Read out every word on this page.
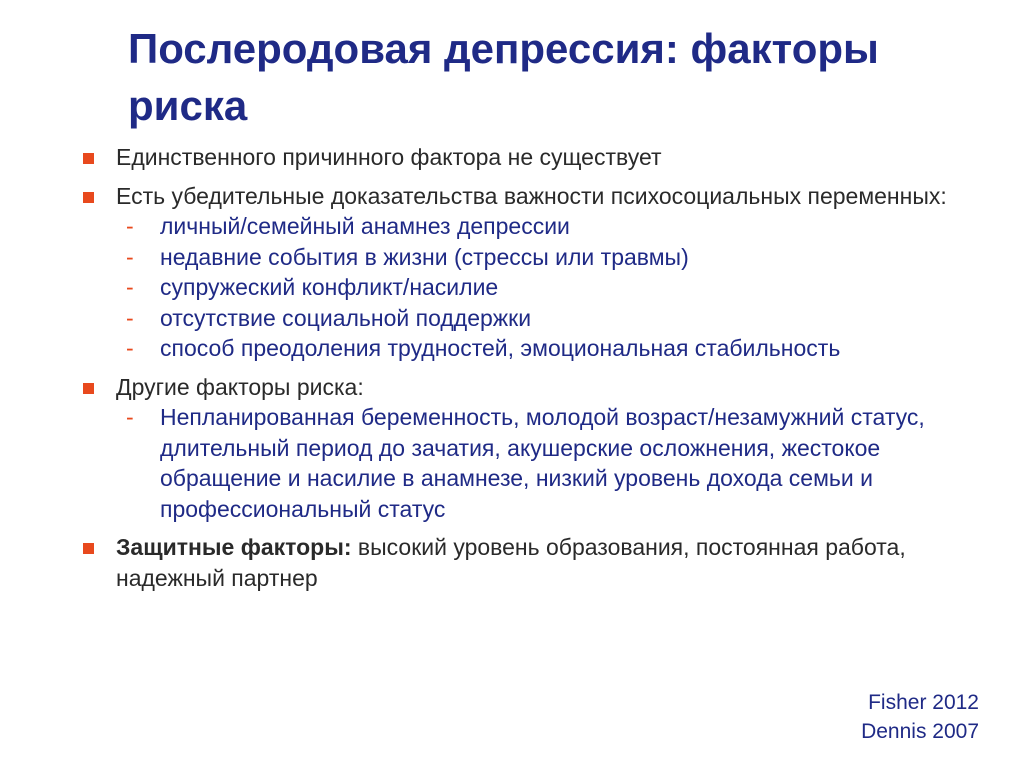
Послеродовая депрессия: факторы риска
Единственного причинного фактора не существует
Есть убедительные доказательства важности психосоциальных переменных:
- личный/семейный анамнез депрессии
- недавние события в жизни (стрессы или травмы)
- супружеский конфликт/насилие
- отсутствие социальной поддержки
- способ преодоления трудностей, эмоциональная стабильность
Другие факторы риска:
- Непланированная беременность, молодой возраст/незамужний статус, длительный период до зачатия, акушерские осложнения, жестокое обращение и насилие в анамнезе, низкий уровень дохода семьи и профессиональный статус
Защитные факторы: высокий уровень образования, постоянная работа, надежный партнер
Fisher 2012
Dennis 2007
